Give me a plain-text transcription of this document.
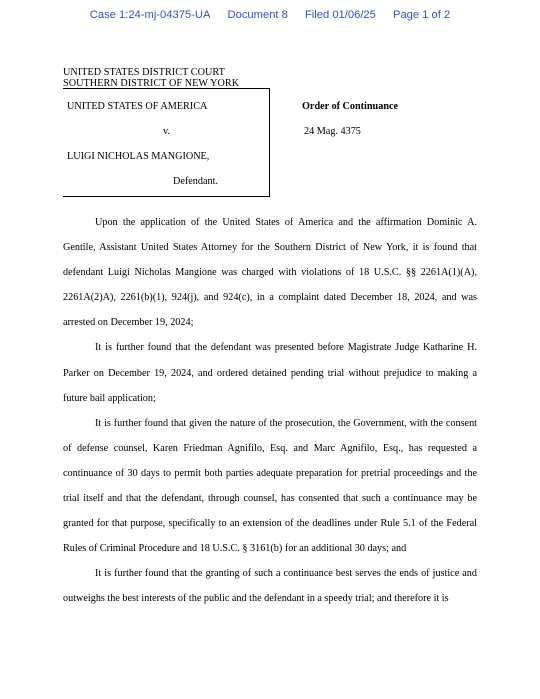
Case 1:24-mj-04375-UA Document 8 Filed 01/06/25 Page 1 of 2
UNITED STATES DISTRICT COURT
SOUTHERN DISTRICT OF NEW YORK
UNITED STATES OF AMERICA
v.
LUIGI NICHOLAS MANGIONE,
Defendant.
Order of Continuance
24 Mag. 4375

Upon the application of the United States of America and the affirmation Dominic A. Gentile, Assistant United States Attorney for the Southern District of New York, it is found that defendant Luigi Nicholas Mangione was charged with violations of 18 U.S.C. §§ 2261A(1)(A), 2261A(2)A), 2261(b)(1), 924(j), and 924(c), in a complaint dated December 18, 2024, and was arrested on December 19, 2024;

It is further found that the defendant was presented before Magistrate Judge Katharine H. Parker on December 19, 2024, and ordered detained pending trial without prejudice to making a future bail application;

It is further found that given the nature of the prosecution, the Government, with the consent of defense counsel, Karen Friedman Agnifilo, Esq. and Marc Agnifilo, Esq., has requested a continuance of 30 days to permit both parties adequate preparation for pretrial proceedings and the trial itself and that the defendant, through counsel, has consented that such a continuance may be granted for that purpose, specifically to an extension of the deadlines under Rule 5.1 of the Federal Rules of Criminal Procedure and 18 U.S.C. § 3161(b) for an additional 30 days; and

It is further found that the granting of such a continuance best serves the ends of justice and outweighs the best interests of the public and the defendant in a speedy trial; and therefore it is
